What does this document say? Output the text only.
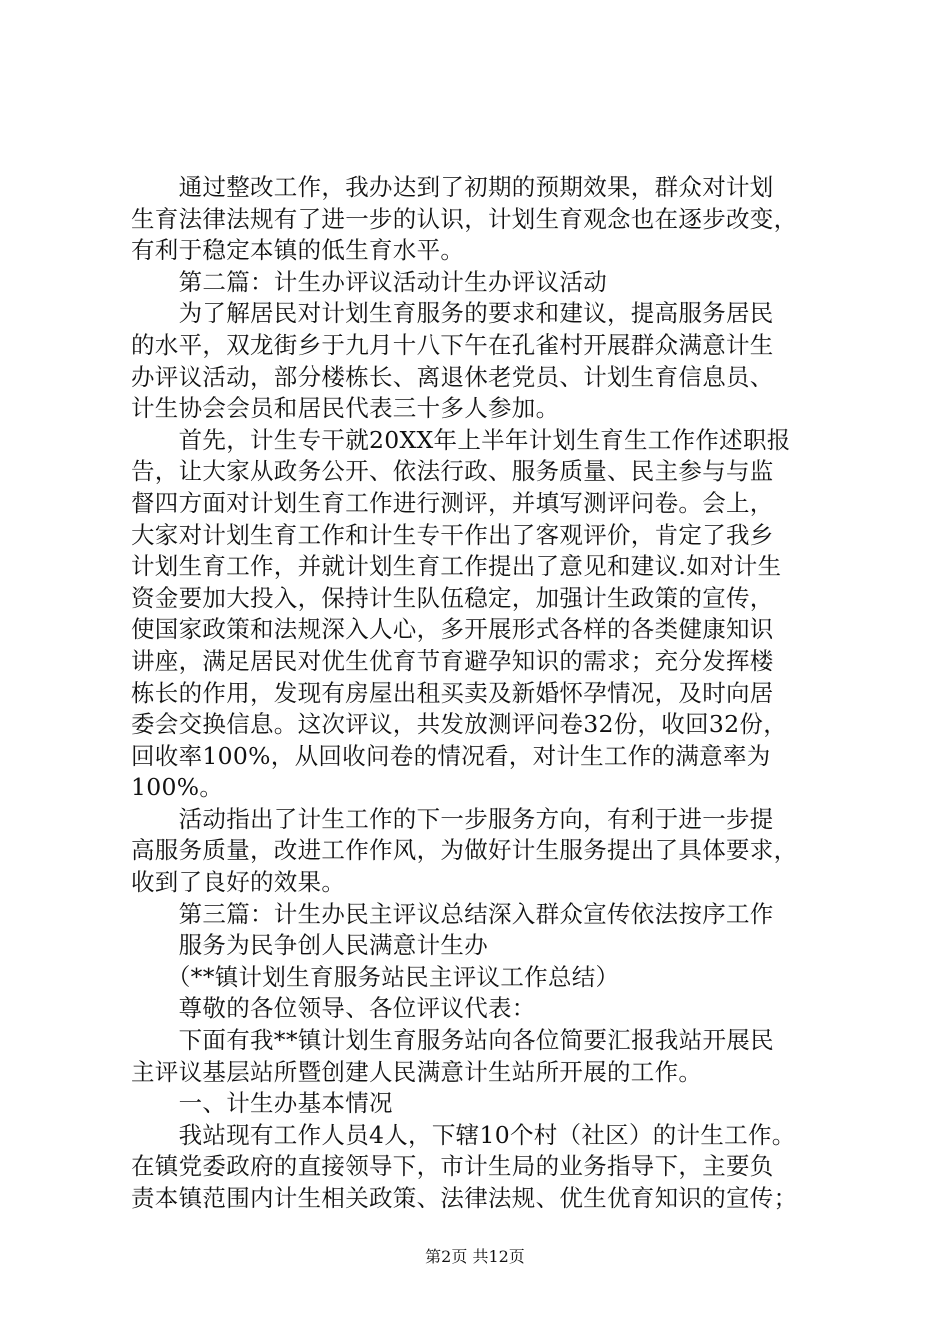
　　通过整改工作，我办达到了初期的预期效果，群众对计划
生育法律法规有了进一步的认识，计划生育观念也在逐步改变，
有利于稳定本镇的低生育水平。
　　第二篇：计生办评议活动计生办评议活动
　　为了解居民对计划生育服务的要求和建议，提高服务居民
的水平，双龙街乡于九月十八下午在孔雀村开展群众满意计生
办评议活动，部分楼栋长、离退休老党员、计划生育信息员、
计生协会会员和居民代表三十多人参加。
　　首先，计生专干就20XX年上半年计划生育生工作作述职报
告，让大家从政务公开、依法行政、服务质量、民主参与与监
督四方面对计划生育工作进行测评，并填写测评问卷。会上，
大家对计划生育工作和计生专干作出了客观评价，肯定了我乡
计划生育工作，并就计划生育工作提出了意见和建议.如对计生
资金要加大投入，保持计生队伍稳定，加强计生政策的宣传，
使国家政策和法规深入人心，多开展形式各样的各类健康知识
讲座，满足居民对优生优育节育避孕知识的需求；充分发挥楼
栋长的作用，发现有房屋出租买卖及新婚怀孕情况，及时向居
委会交换信息。这次评议，共发放测评问卷32份，收回32份，
回收率100%，从回收问卷的情况看，对计生工作的满意率为
100%。
　　活动指出了计生工作的下一步服务方向，有利于进一步提
高服务质量，改进工作作风，为做好计生服务提出了具体要求，
收到了良好的效果。
　　第三篇：计生办民主评议总结深入群众宣传依法按序工作
　　服务为民争创人民满意计生办
　　（**镇计划生育服务站民主评议工作总结）
　　尊敬的各位领导、各位评议代表：
　　下面有我**镇计划生育服务站向各位简要汇报我站开展民
主评议基层站所暨创建人民满意计生站所开展的工作。
　　一、计生办基本情况
　　我站现有工作人员4人，下辖10个村（社区）的计生工作。
在镇党委政府的直接领导下，市计生局的业务指导下，主要负
责本镇范围内计生相关政策、法律法规、优生优育知识的宣传；
第2页 共12页
